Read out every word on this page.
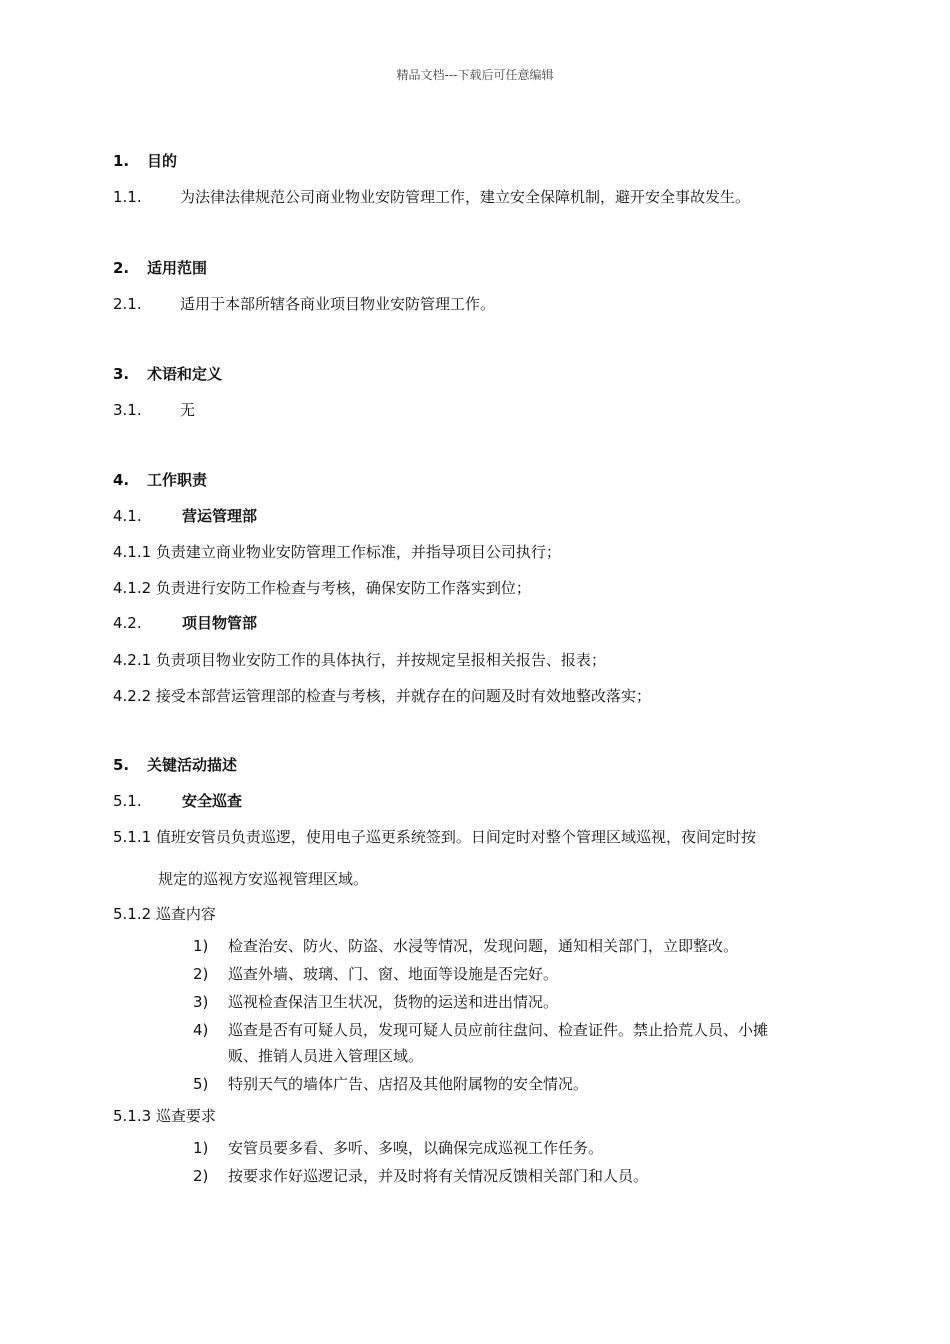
精品文档---下载后可任意编辑
1. 目的
1.1.	为法律法律规范公司商业物业安防管理工作，建立安全保障机制，避开安全事故发生。
2. 适用范围
2.1.	适用于本部所辖各商业项目物业安防管理工作。
3. 术语和定义
3.1.	无
4. 工作职责
4.1.	营运管理部
4.1.1 负责建立商业物业安防管理工作标准，并指导项目公司执行；
4.1.2 负责进行安防工作检查与考核，确保安防工作落实到位；
4.2.	项目物管部
4.2.1 负责项目物业安防工作的具体执行，并按规定呈报相关报告、报表；
4.2.2 接受本部营运管理部的检查与考核，并就存在的问题及时有效地整改落实；
5. 关键活动描述
5.1.	安全巡查
5.1.1 值班安管员负责巡逻，使用电子巡更系统签到。日间定时对整个管理区域巡视，夜间定时按
规定的巡视方安巡视管理区域。
5.1.2 巡查内容
1) 检查治安、防火、防盗、水浸等情况，发现问题，通知相关部门，立即整改。
2) 巡查外墙、玻璃、门、窗、地面等设施是否完好。
3) 巡视检查保洁卫生状况，货物的运送和进出情况。
4) 巡查是否有可疑人员，发现可疑人员应前往盘问、检查证件。禁止拾荒人员、小摊
贩、推销人员进入管理区域。
5) 特别天气的墙体广告、店招及其他附属物的安全情况。
5.1.3 巡查要求
1) 安管员要多看、多听、多嗅，以确保完成巡视工作任务。
2) 按要求作好巡逻记录，并及时将有关情况反馈相关部门和人员。
